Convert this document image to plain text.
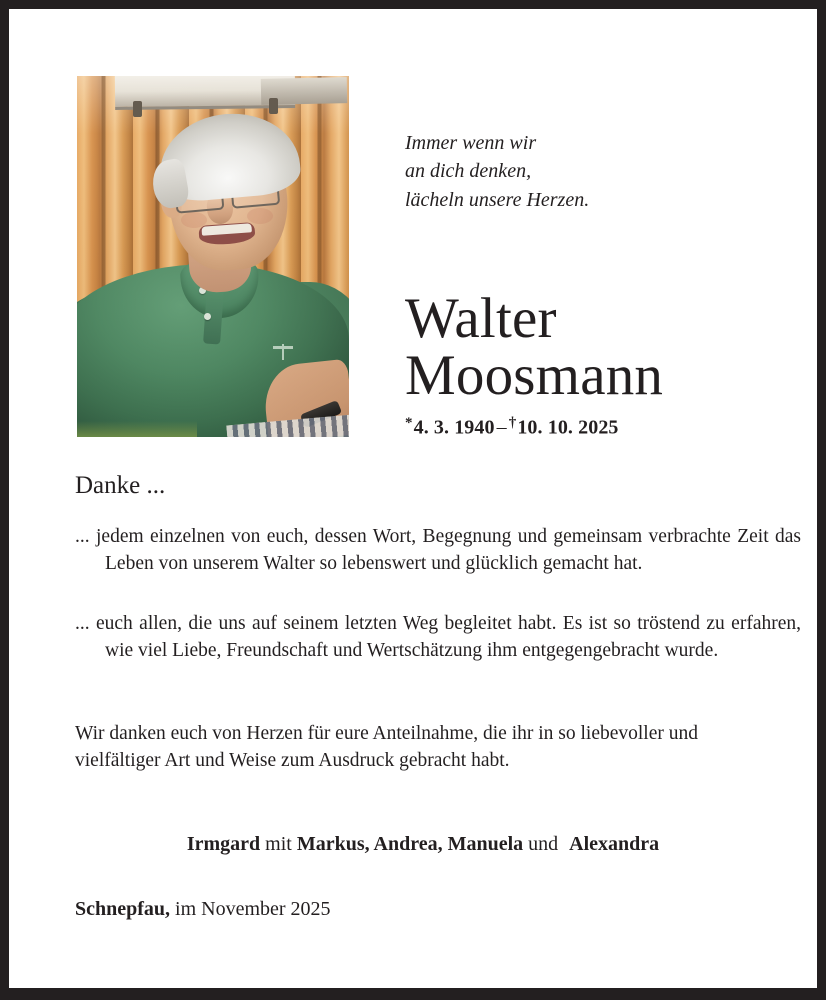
Immer wenn wir
an dich denken,
lächeln unsere Herzen.
Walter
Moosmann
*4. 3. 1940 – †10. 10. 2025
Danke ...
... jedem einzelnen von euch, dessen Wort, Begegnung und gemeinsam verbrachte Zeit das Leben von unserem Walter so lebenswert und glücklich gemacht hat.
... euch allen, die uns auf seinem letzten Weg begleitet habt. Es ist so tröstend zu erfahren, wie viel Liebe, Freundschaft und Wertschätzung ihm entgegengebracht wurde.
Wir danken euch von Herzen für eure Anteilnahme, die ihr in so liebevoller und vielfältiger Art und Weise zum Ausdruck gebracht habt.
Irmgard mit Markus, Andrea, Manuela und Alexandra
Schnepfau, im November 2025
